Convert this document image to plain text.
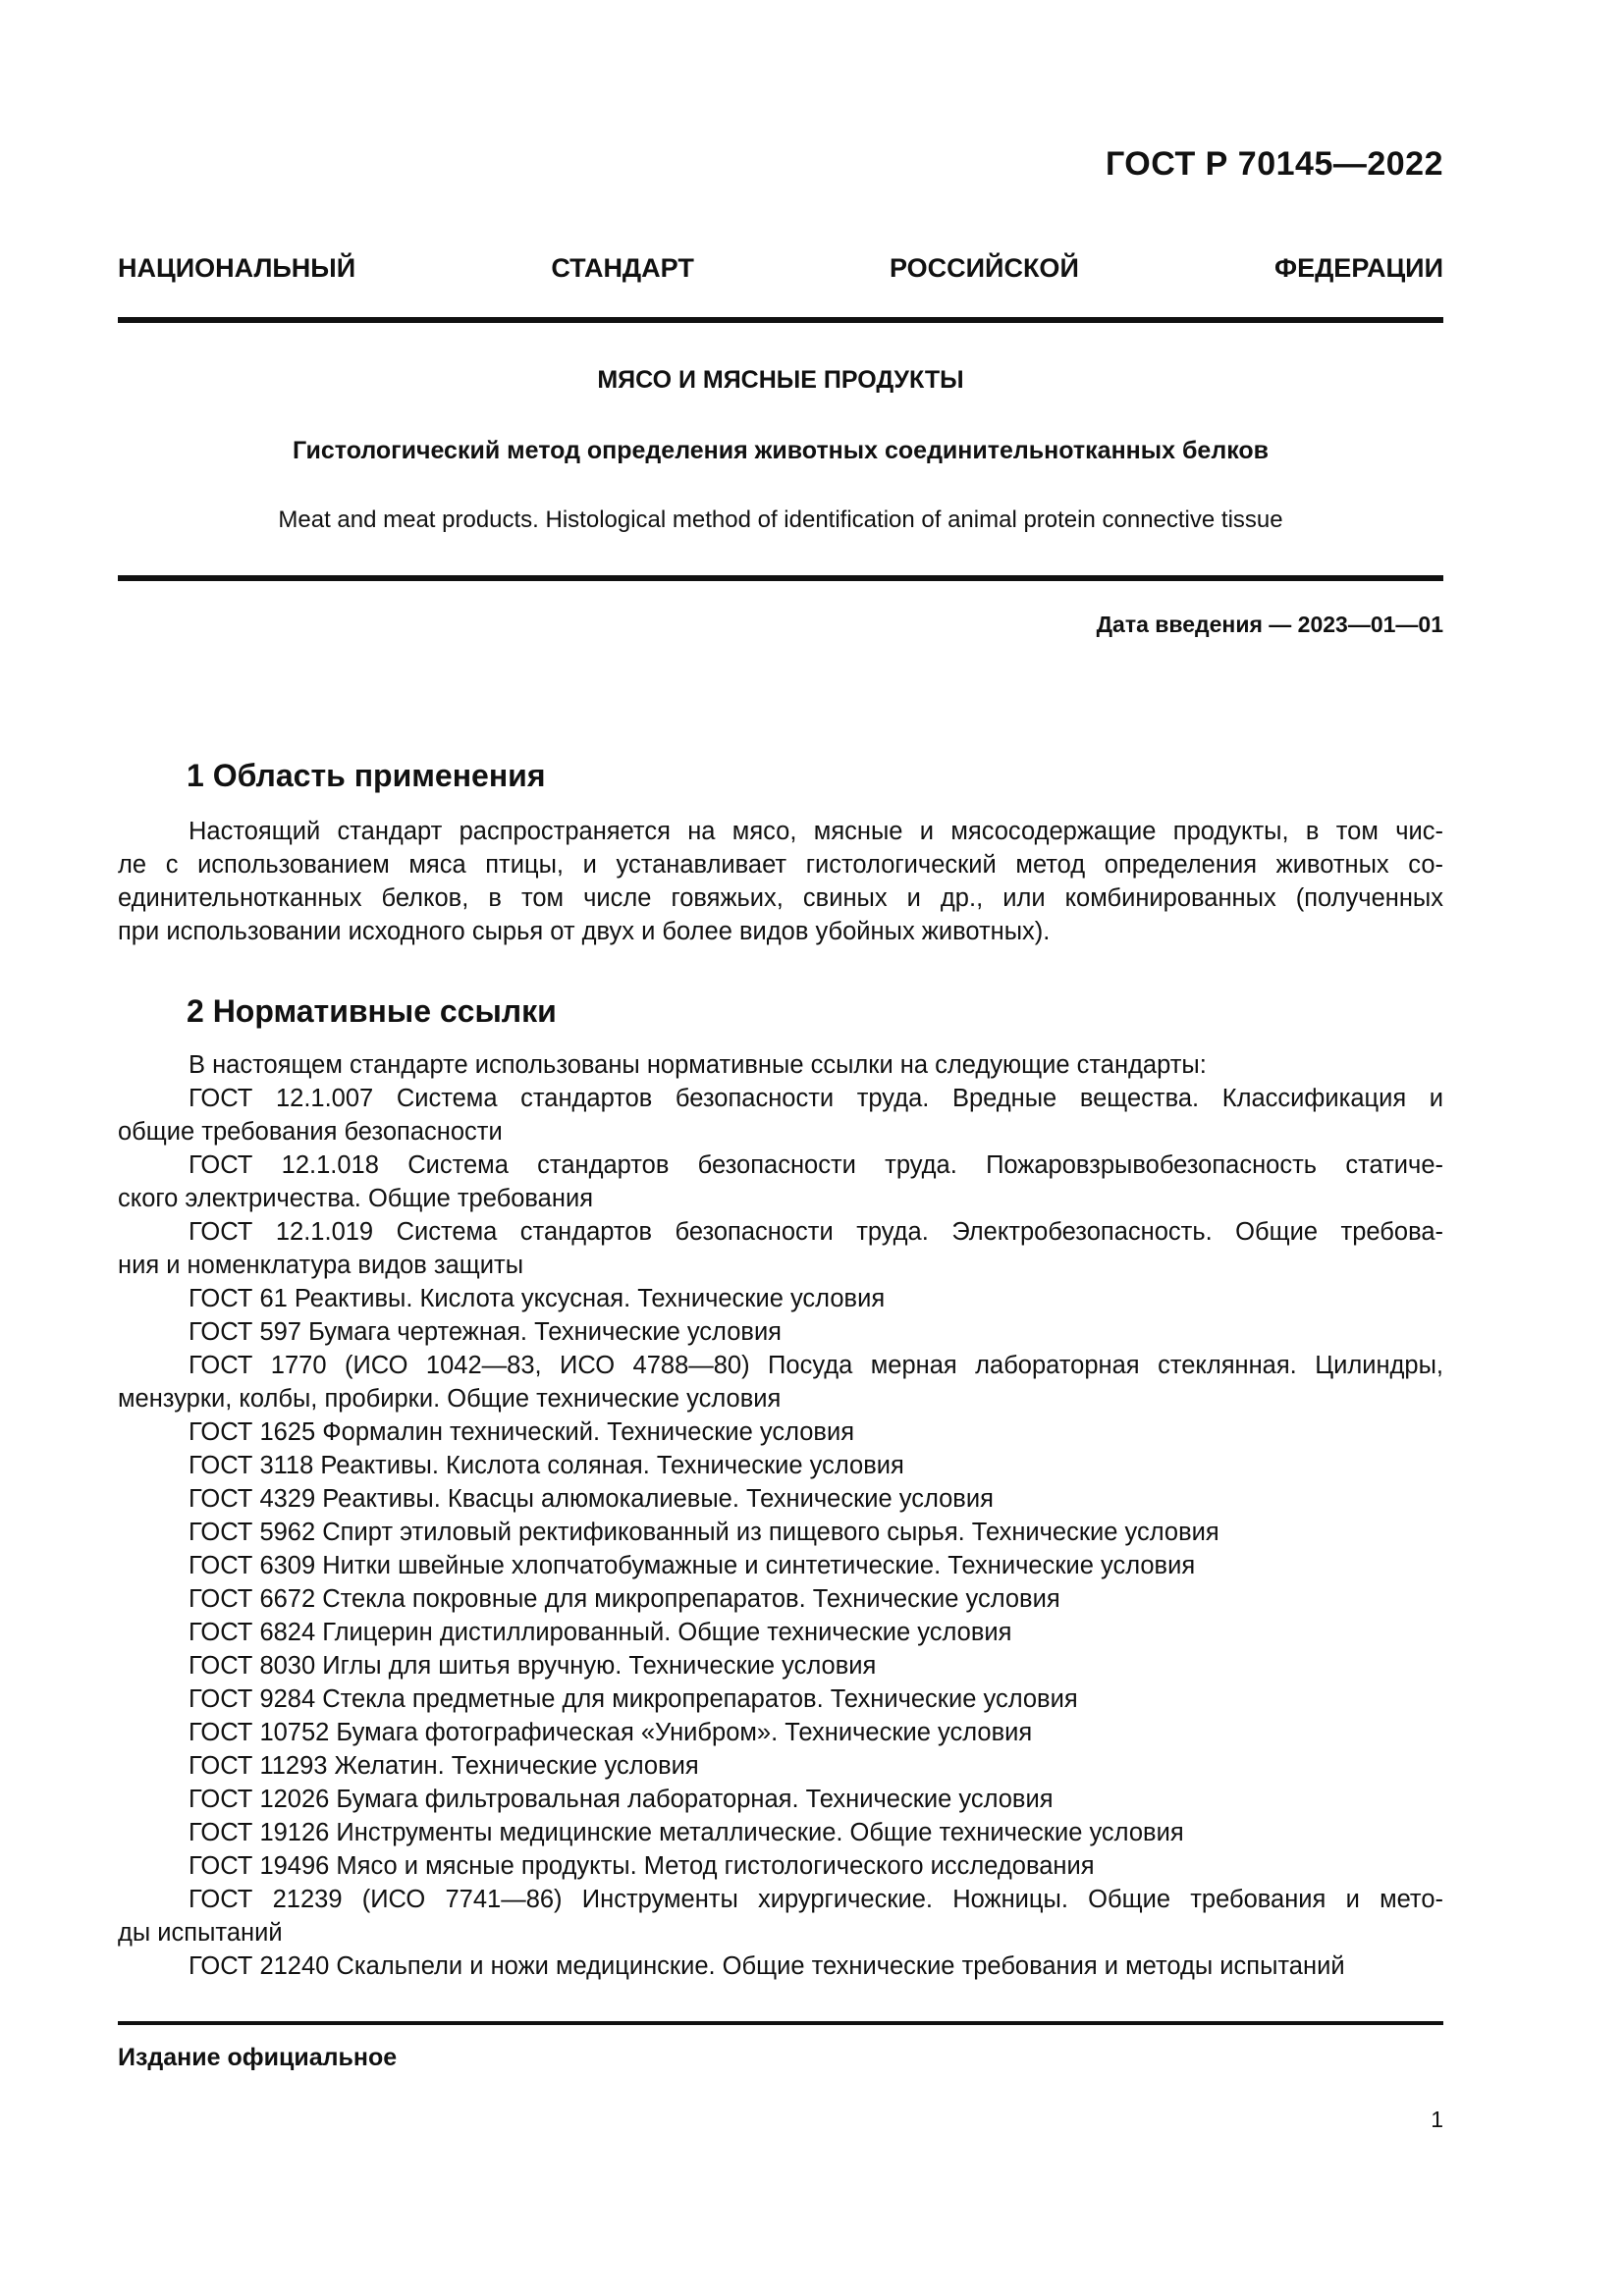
ГОСТ Р 70145—2022
НАЦИОНАЛЬНЫЙ СТАНДАРТ РОССИЙСКОЙ ФЕДЕРАЦИИ
МЯСО И МЯСНЫЕ ПРОДУКТЫ
Гистологический метод определения животных соединительнотканных белков
Meat and meat products. Histological method of identification of animal protein connective tissue
Дата введения — 2023—01—01
1 Область применения
Настоящий стандарт распространяется на мясо, мясные и мясосодержащие продукты, в том чис-
ле с использованием мяса птицы, и устанавливает гистологический метод определения животных со-
единительнотканных белков, в том числе говяжьих, свиных и др., или комбинированных (полученных
при использовании исходного сырья от двух и более видов убойных животных).
2 Нормативные ссылки
В настоящем стандарте использованы нормативные ссылки на следующие стандарты:
ГОСТ 12.1.007 Система стандартов безопасности труда. Вредные вещества. Классификация и
общие требования безопасности
ГОСТ 12.1.018 Система стандартов безопасности труда. Пожаровзрывобезопасность статиче-
ского электричества. Общие требования
ГОСТ 12.1.019 Система стандартов безопасности труда. Электробезопасность. Общие требова-
ния и номенклатура видов защиты
ГОСТ 61 Реактивы. Кислота уксусная. Технические условия
ГОСТ 597 Бумага чертежная. Технические условия
ГОСТ 1770 (ИСО 1042—83, ИСО 4788—80) Посуда мерная лабораторная стеклянная. Цилиндры,
мензурки, колбы, пробирки. Общие технические условия
ГОСТ 1625 Формалин технический. Технические условия
ГОСТ 3118 Реактивы. Кислота соляная. Технические условия
ГОСТ 4329 Реактивы. Квасцы алюмокалиевые. Технические условия
ГОСТ 5962 Спирт этиловый ректификованный из пищевого сырья. Технические условия
ГОСТ 6309 Нитки швейные хлопчатобумажные и синтетические. Технические условия
ГОСТ 6672 Стекла покровные для микропрепаратов. Технические условия
ГОСТ 6824 Глицерин дистиллированный. Общие технические условия
ГОСТ 8030 Иглы для шитья вручную. Технические условия
ГОСТ 9284 Стекла предметные для микропрепаратов. Технические условия
ГОСТ 10752 Бумага фотографическая «Унибром». Технические условия
ГОСТ 11293 Желатин. Технические условия
ГОСТ 12026 Бумага фильтровальная лабораторная. Технические условия
ГОСТ 19126 Инструменты медицинские металлические. Общие технические условия
ГОСТ 19496 Мясо и мясные продукты. Метод гистологического исследования
ГОСТ 21239 (ИСО 7741—86) Инструменты хирургические. Ножницы. Общие требования и мето-
ды испытаний
ГОСТ 21240 Скальпели и ножи медицинские. Общие технические требования и методы испытаний
Издание официальное
1
